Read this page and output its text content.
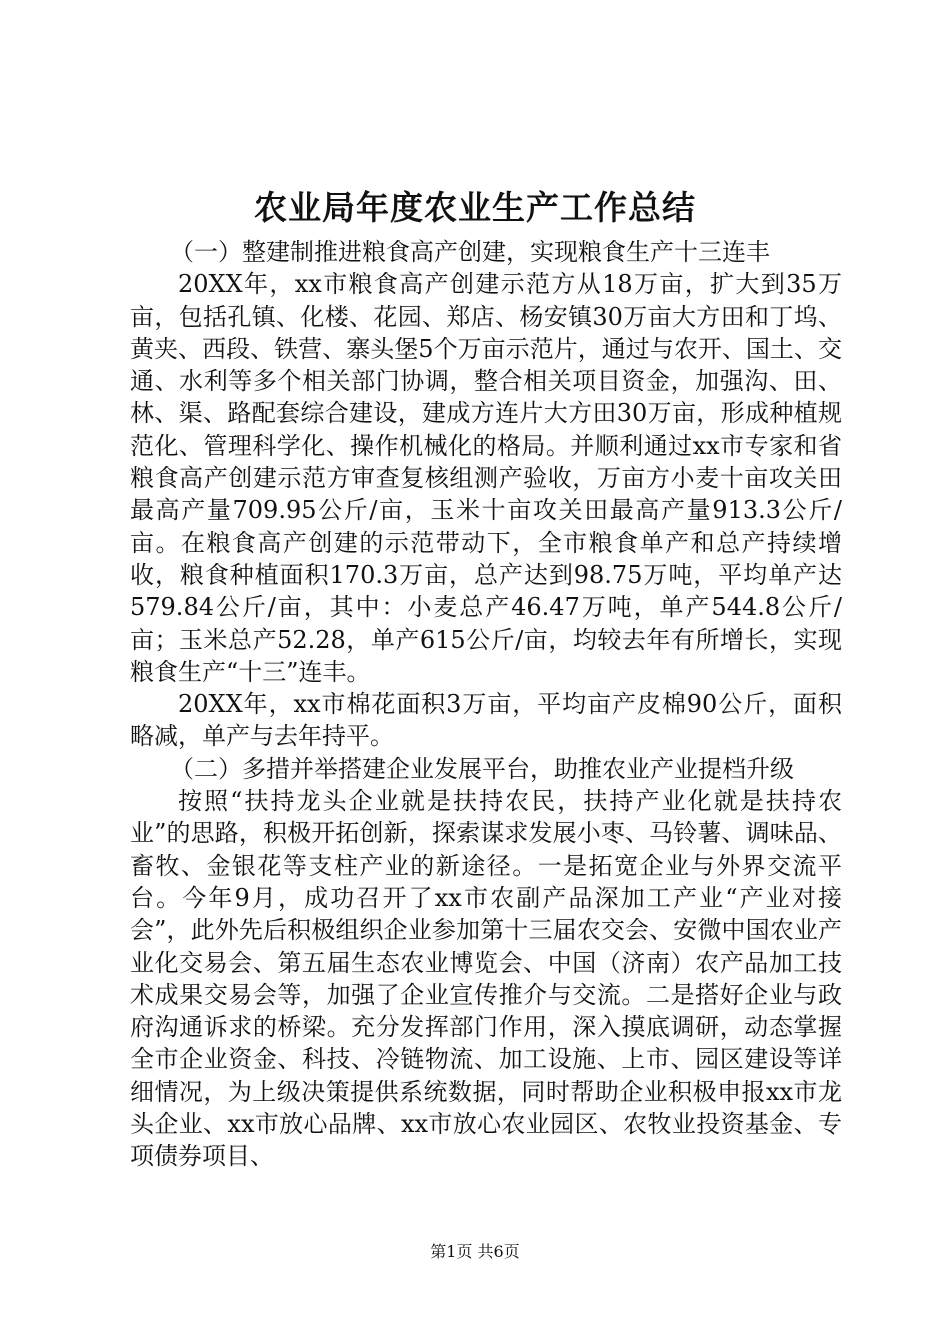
农业局年度农业生产工作总结

（一）整建制推进粮食高产创建，实现粮食生产十三连丰

20XX年，xx市粮食高产创建示范方从18万亩，扩大到35万亩，包括孔镇、化楼、花园、郑店、杨安镇30万亩大方田和丁坞、黄夹、西段、铁营、寨头堡5个万亩示范片，通过与农开、国土、交通、水利等多个相关部门协调，整合相关项目资金，加强沟、田、林、渠、路配套综合建设，建成方连片大方田30万亩，形成种植规范化、管理科学化、操作机械化的格局。并顺利通过xx市专家和省粮食高产创建示范方审查复核组测产验收，万亩方小麦十亩攻关田最高产量709.95公斤/亩，玉米十亩攻关田最高产量913.3公斤/亩。在粮食高产创建的示范带动下，全市粮食单产和总产持续增收，粮食种植面积170.3万亩，总产达到98.75万吨，平均单产达579.84公斤/亩，其中：小麦总产46.47万吨，单产544.8公斤/亩；玉米总产52.28，单产615公斤/亩，均较去年有所增长，实现粮食生产“十三”连丰。

20XX年，xx市棉花面积3万亩，平均亩产皮棉90公斤，面积略减，单产与去年持平。

（二）多措并举搭建企业发展平台，助推农业产业提档升级

按照“扶持龙头企业就是扶持农民，扶持产业化就是扶持农业”的思路，积极开拓创新，探索谋求发展小枣、马铃薯、调味品、畜牧、金银花等支柱产业的新途径。一是拓宽企业与外界交流平台。今年9月，成功召开了xx市农副产品深加工产业“产业对接会”，此外先后积极组织企业参加第十三届农交会、安微中国农业产业化交易会、第五届生态农业博览会、中国（济南）农产品加工技术成果交易会等，加强了企业宣传推介与交流。二是搭好企业与政府沟通诉求的桥梁。充分发挥部门作用，深入摸底调研，动态掌握全市企业资金、科技、冷链物流、加工设施、上市、园区建设等详细情况，为上级决策提供系统数据，同时帮助企业积极申报xx市龙头企业、xx市放心品牌、xx市放心农业园区、农牧业投资基金、专项债券项目、

第1页 共6页
